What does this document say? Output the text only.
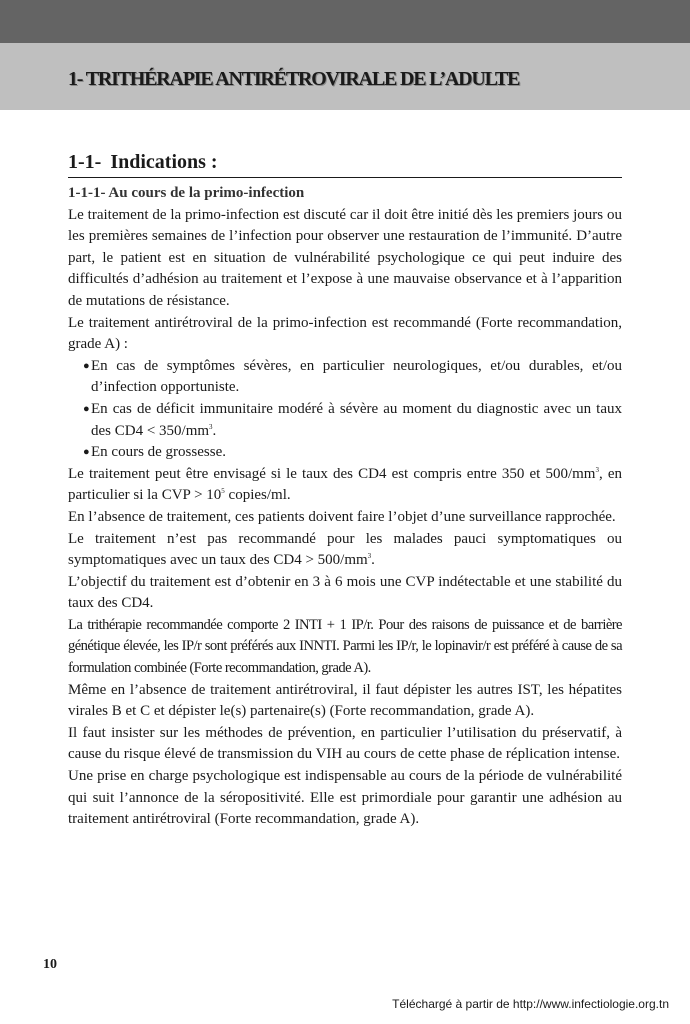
1- TRITHÉRAPIE ANTIRÉTROVIRALE DE L’ADULTE
1-1- Indications :
1-1-1- Au cours de la primo-infection

Le traitement de la primo-infection est discuté car il doit être initié dès les premiers jours ou les premières semaines de l’infection pour observer une restauration de l’immunité. D’autre part, le patient est en situation de vulnérabilité psychologique ce qui peut induire des difficultés d’adhésion au traitement et l’expose à une mauvaise observance et à l’apparition de mutations de résistance.

Le traitement antirétroviral de la primo-infection est recommandé (Forte recommandation, grade A) :

● En cas de symptômes sévères, en particulier neurologiques, et/ou durables, et/ou d’infection opportuniste.
● En cas de déficit immunitaire modéré à sévère au moment du diagnostic avec un taux des $CD4 < 350/mm^3$.
● En cours de grossesse.

Le traitement peut être envisagé si le taux des CD4 est compris entre 350 et $500/mm^3$, en particulier si la CVP > $10^5$ copies/ml.

En l’absence de traitement, ces patients doivent faire l’objet d’une surveillance rapprochée.

Le traitement n’est pas recommandé pour les malades pauci symptomatiques ou symptomatiques avec un taux des $CD4 > 500/mm^3$.

L’objectif du traitement est d’obtenir en 3 à 6 mois une CVP indétectable et une stabilité du taux des CD4.

La trithérapie recommandée comporte 2 INTI + 1 IP/r. Pour des raisons de puissance et de barrière génétique élevée, les IP/r sont préférés aux INNTI. Parmi les IP/r, le lopinavir/r est préféré à cause de sa formulation combinée (Forte recommandation, grade A).

Même en l’absence de traitement antirétroviral, il faut dépister les autres IST, les hépatites virales B et C et dépister le(s) partenaire(s) (Forte recommandation, grade A).

Il faut insister sur les méthodes de prévention, en particulier l’utilisation du préservatif, à cause du risque élevé de transmission du VIH au cours de cette phase de réplication intense.

Une prise en charge psychologique est indispensable au cours de la période de vulnérabilité qui suit l’annonce de la séropositivité. Elle est primordiale pour garantir une adhésion au traitement antirétroviral (Forte recommandation, grade A).

10
Téléchargé à partir de http://www.infectiologie.org.tn
